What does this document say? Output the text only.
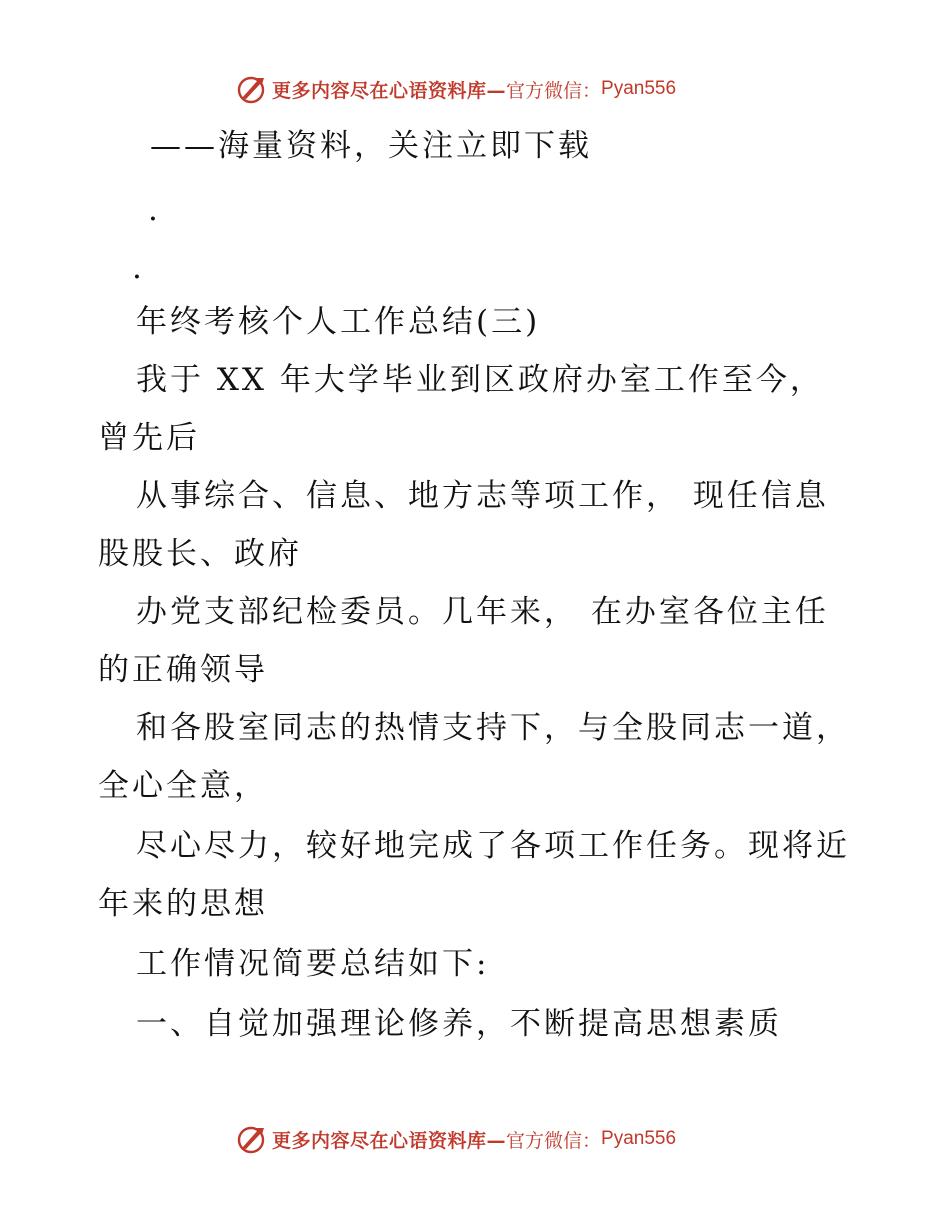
更多内容尽在心语资料库— 官方微信： Pyan556
——海量资料，关注立即下载
.
.
年终考核个人工作总结(三)
我于 XX 年大学毕业到区政府办室工作至今，
曾先后
从事综合、信息、地方志等项工作， 现任信息
股股长、政府
办党支部纪检委员。几年来， 在办室各位主任
的正确领导
和各股室同志的热情支持下，与全股同志一道，
全心全意，
尽心尽力，较好地完成了各项工作任务。现将近
年来的思想
工作情况简要总结如下:
一、自觉加强理论修养，不断提高思想素质
更多内容尽在心语资料库— 官方微信： Pyan556
